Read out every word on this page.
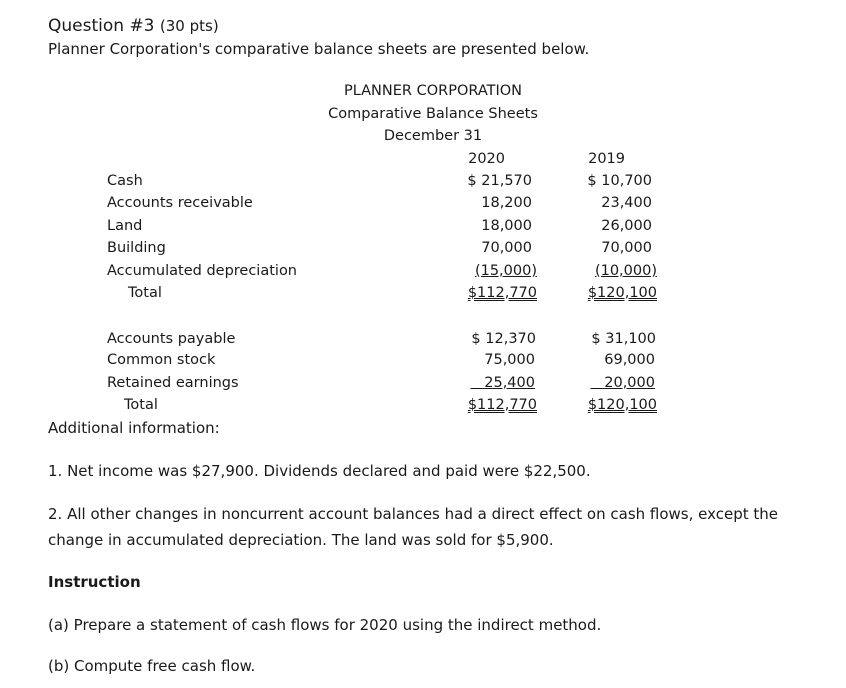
Question #3 (30 pts)
Planner Corporation's comparative balance sheets are presented below.
PLANNER CORPORATION
Comparative Balance Sheets
December 31
2020	2019
Cash	$ 21,570	$ 10,700
Accounts receivable	18,200	23,400
Land	18,000	26,000
Building	70,000	70,000
Accumulated depreciation	(15,000)	(10,000)
Total	$112,770	$120,100
Accounts payable	$ 12,370	$ 31,100
Common stock	75,000	69,000
Retained earnings	25,400	20,000
Total	$112,770	$120,100
Additional information:
1. Net income was $27,900. Dividends declared and paid were $22,500.
2. All other changes in noncurrent account balances had a direct effect on cash flows, except the change in accumulated depreciation. The land was sold for $5,900.
Instruction
(a) Prepare a statement of cash flows for 2020 using the indirect method.
(b) Compute free cash flow.
